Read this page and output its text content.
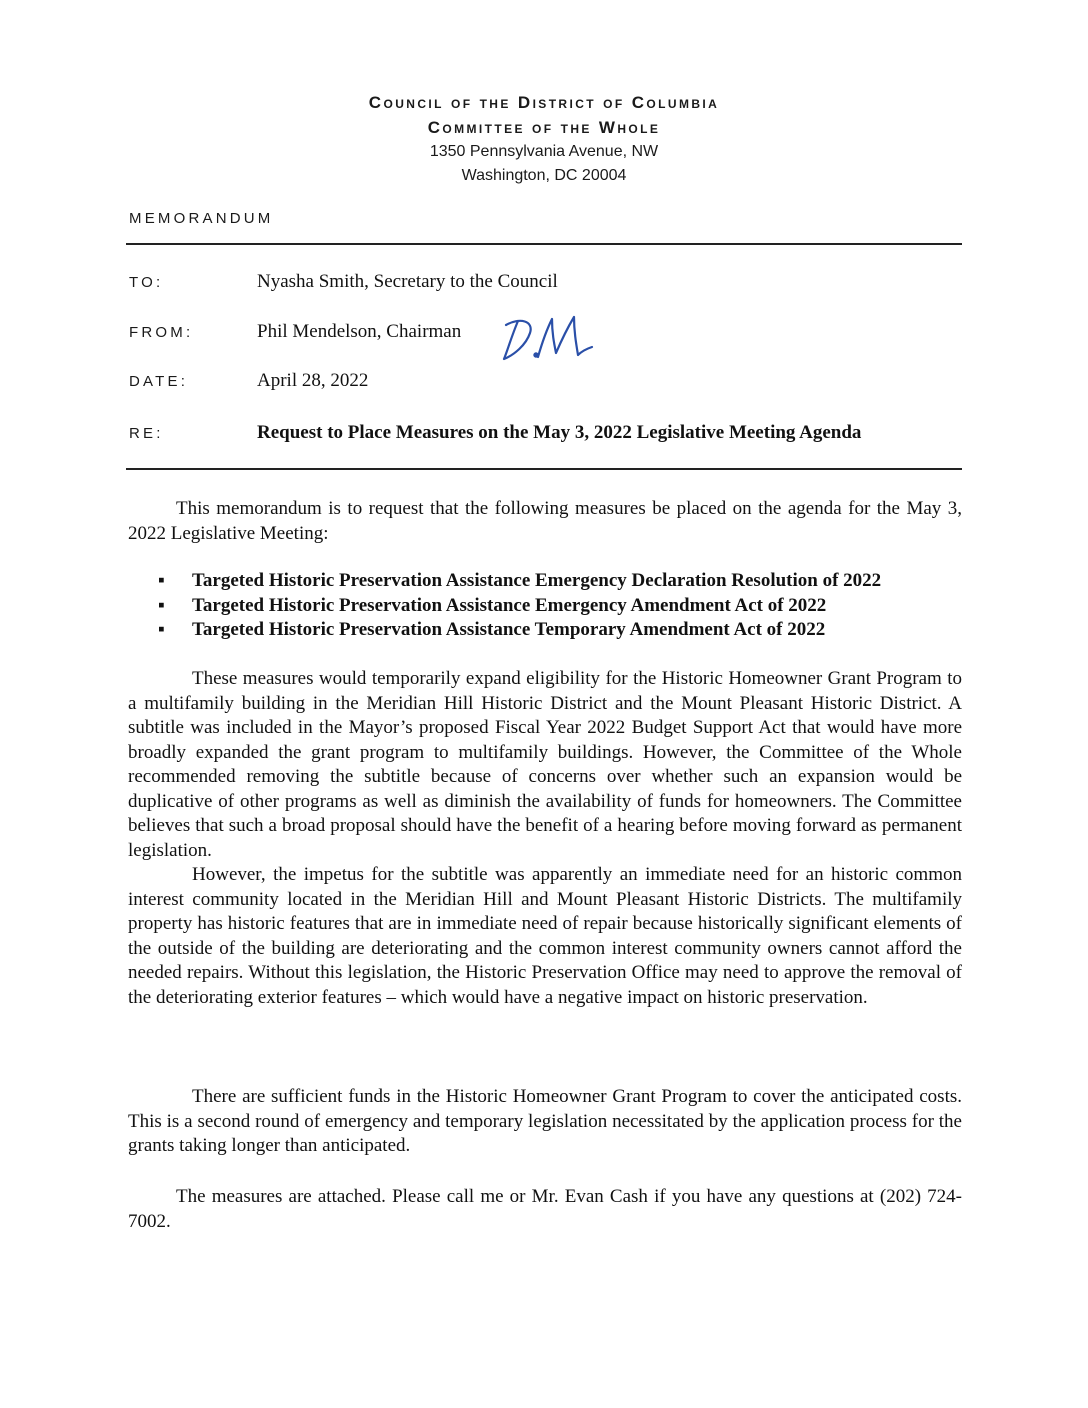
Council of the District of Columbia
Committee of the Whole
1350 Pennsylvania Avenue, NW
Washington, DC 20004
MEMORANDUM
TO:	Nyasha Smith, Secretary to the Council
FROM:	Phil Mendelson, Chairman
DATE:	April 28, 2022
RE:	Request to Place Measures on the May 3, 2022 Legislative Meeting Agenda
This memorandum is to request that the following measures be placed on the agenda for the May 3, 2022 Legislative Meeting:
▪ Targeted Historic Preservation Assistance Emergency Declaration Resolution of 2022
▪ Targeted Historic Preservation Assistance Emergency Amendment Act of 2022
▪ Targeted Historic Preservation Assistance Temporary Amendment Act of 2022
These measures would temporarily expand eligibility for the Historic Homeowner Grant Program to a multifamily building in the Meridian Hill Historic District and the Mount Pleasant Historic District. A subtitle was included in the Mayor’s proposed Fiscal Year 2022 Budget Support Act that would have more broadly expanded the grant program to multifamily buildings. However, the Committee of the Whole recommended removing the subtitle because of concerns over whether such an expansion would be duplicative of other programs as well as diminish the availability of funds for homeowners. The Committee believes that such a broad proposal should have the benefit of a hearing before moving forward as permanent legislation.
However, the impetus for the subtitle was apparently an immediate need for an historic common interest community located in the Meridian Hill and Mount Pleasant Historic Districts. The multifamily property has historic features that are in immediate need of repair because historically significant elements of the outside of the building are deteriorating and the common interest community owners cannot afford the needed repairs. Without this legislation, the Historic Preservation Office may need to approve the removal of the deteriorating exterior features – which would have a negative impact on historic preservation.
There are sufficient funds in the Historic Homeowner Grant Program to cover the anticipated costs. This is a second round of emergency and temporary legislation necessitated by the application process for the grants taking longer than anticipated.
The measures are attached. Please call me or Mr. Evan Cash if you have any questions at (202) 724-7002.
